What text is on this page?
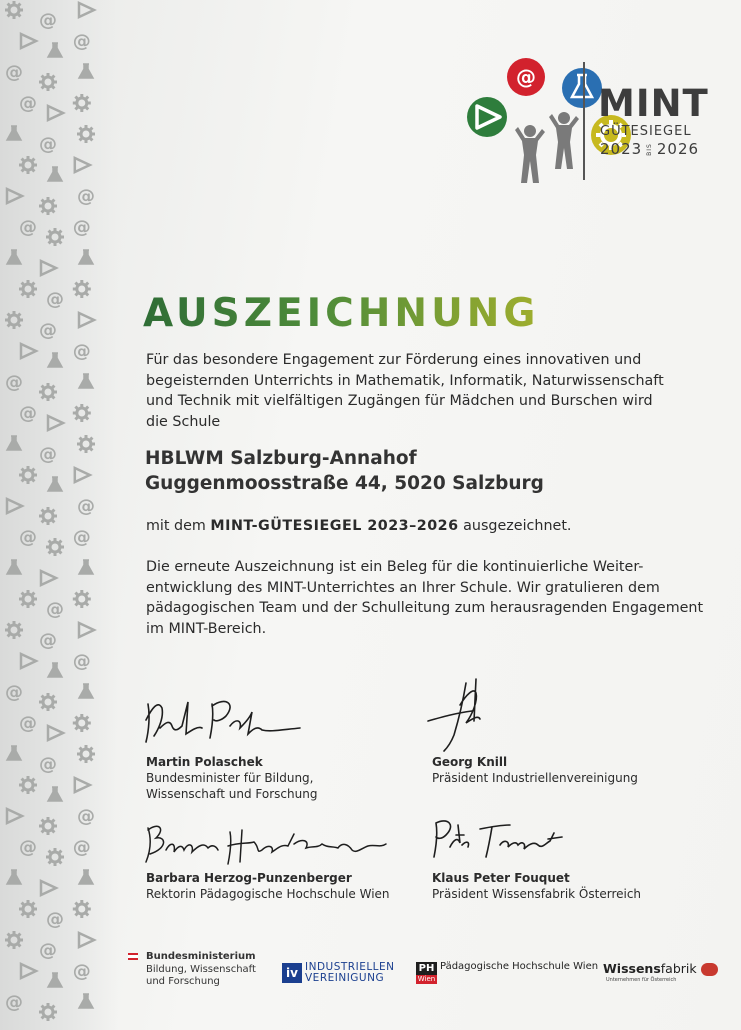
@
@
@
@
@
@
@ @
@
@
@
@
@
@
@
@ @
@
@
@
@
@
@
@
@ @
@
@
@
@
@
MINT
GÜTESIEGEL
2023 BIS 2026
AUSZEICHNUNG
Für das besondere Engagement zur Förderung eines innovativen und
begeisternden Unterrichts in Mathematik, Informatik, Naturwissenschaft
und Technik mit vielfältigen Zugängen für Mädchen und Burschen wird
die Schule
HBLWM Salzburg-Annahof
Guggenmoosstraße 44, 5020 Salzburg
mit dem MINT-GÜTESIEGEL 2023–2026 ausgezeichnet.
Die erneute Auszeichnung ist ein Beleg für die kontinuierliche Weiter-
entwicklung des MINT-Unterrichtes an Ihrer Schule. Wir gratulieren dem
pädagogischen Team und der Schulleitung zum herausragenden Engagement
im MINT-Bereich.
Martin Polaschek
Bundesminister für Bildung,
Wissenschaft und Forschung
Georg Knill
Präsident Industriellenvereinigung
Barbara Herzog-Punzenberger
Rektorin Pädagogische Hochschule Wien
Klaus Peter Fouquet
Präsident Wissensfabrik Österreich
Bundesministerium
Bildung, Wissenschaft
und Forschung
iv INDUSTRIELLEN
VEREINIGUNG
PH
Wien
Pädagogische Hochschule Wien Wissensfabrik
Unternehmen für Österreich
